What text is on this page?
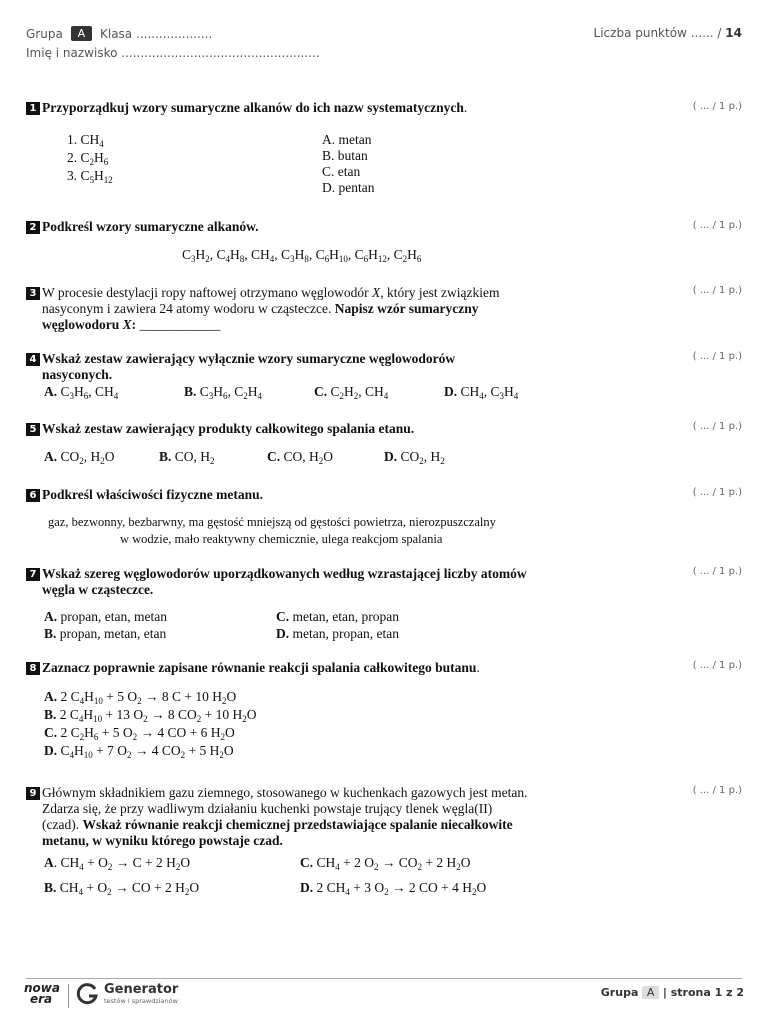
Grupa A Klasa ....................
Imię i nazwisko ....................................................
Liczba punktów ...... / 14
1 Przyporządkuj wzory sumaryczne alkanów do ich nazw systematycznych.	( ... / 1 p.)
1. $CH_4$
2. $C_2H_6$
3. $C_5H_{12}$
A. metan
B. butan
C. etan
D. pentan
2 Podkreśl wzory sumaryczne alkanów.	( ... / 1 p.)
$C_3H_2$, $C_4H_8$, $CH_4$, $C_3H_8$, $C_6H_{10}$, $C_6H_{12}$, $C_2H_6$
3 W procesie destylacji ropy naftowej otrzymano węglowodór X, który jest związkiem	( ... / 1 p.)
nasyconym i zawiera 24 atomy wodoru w cząsteczce. Napisz wzór sumaryczny
węglowodoru X: ____________
4 Wskaż zestaw zawierający wyłącznie wzory sumaryczne węglowodorów	( ... / 1 p.)
nasyconych.
A. $C_3H_6$, $CH_4$	B. $C_3H_6$, $C_2H_4$	C. $C_2H_2$, $CH_4$	D. $CH_4$, $C_3H_4$
5 Wskaż zestaw zawierający produkty całkowitego spalania etanu.	( ... / 1 p.)
A. $CO_2$, $H_2O$	B. CO, $H_2$	C. CO, $H_2O$	D. $CO_2$, $H_2$
6 Podkreśl właściwości fizyczne metanu.	( ... / 1 p.)
gaz, bezwonny, bezbarwny, ma gęstość mniejszą od gęstości powietrza, nierozpuszczalny
w wodzie, mało reaktywny chemicznie, ulega reakcjom spalania
7 Wskaż szereg węglowodorów uporządkowanych według wzrastającej liczby atomów	( ... / 1 p.)
węgla w cząsteczce.
A. propan, etan, metan	C. metan, etan, propan
B. propan, metan, etan	D. metan, propan, etan
8 Zaznacz poprawnie zapisane równanie reakcji spalania całkowitego butanu.	( ... / 1 p.)
A. 2 $C_4H_{10} + 5$ $O_2 \to 8$ C + 10 $H_2O$
B. 2 $C_4H_{10} + 13$ $O_2 \to 8$ $CO_2 + 10$ $H_2O$
C. 2 $C_2H_6 + 5$ $O_2 \to 4$ CO + 6 $H_2O$
D. $C_4H_{10} + 7$ $O_2 \to 4$ $CO_2 + 5$ $H_2O$
9 Głównym składnikiem gazu ziemnego, stosowanego w kuchenkach gazowych jest metan.	( ... / 1 p.)
Zdarza się, że przy wadliwym działaniu kuchenki powstaje trujący tlenek węgla(II)
(czad). Wskaż równanie reakcji chemicznej przedstawiające spalanie niecałkowite
metanu, w wyniku którego powstaje czad.
A. $CH_4 + O_2 \to C + 2$ $H_2O$	C. $CH_4 + 2$ $O_2 \to CO_2 + 2$ $H_2O$
B. $CH_4 + O_2$ → CO + 2 $H_2O$	D. 2 $CH_4 + 3$ $O_2 \to 2$ CO + 4 $H_2O$
nowa
era
Generator
testów i sprawdzianów
Grupa A | strona 1 z 2
